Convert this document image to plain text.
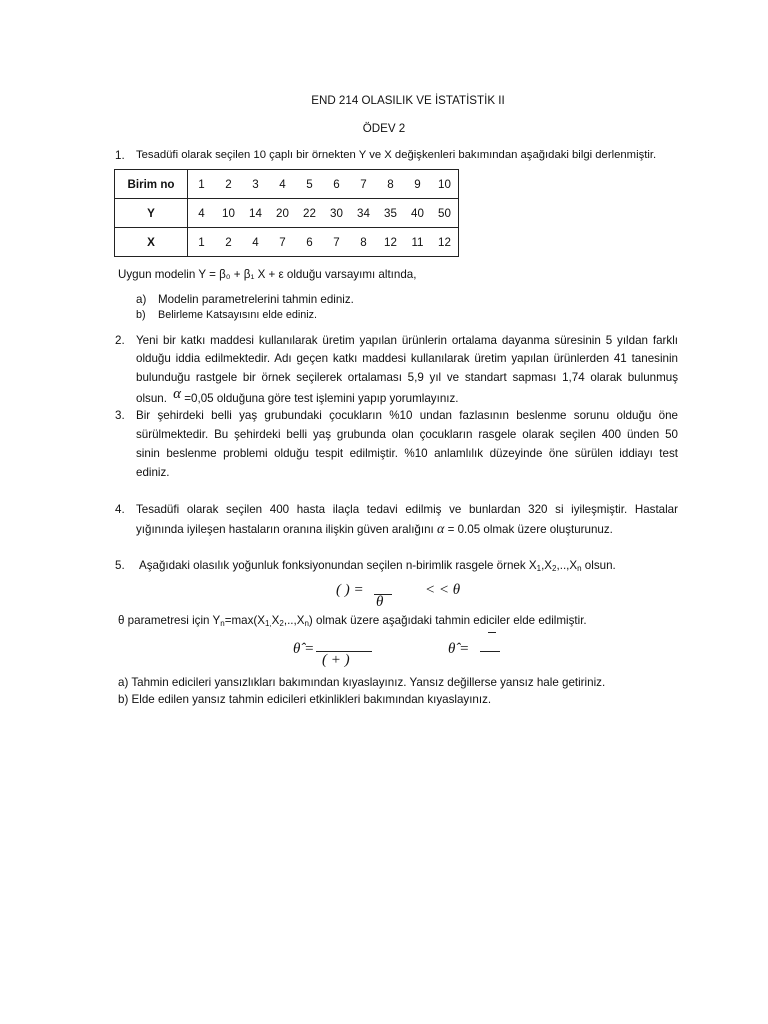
END 214 OLASILIK VE İSTATİSTİK II
ÖDEV 2
1. Tesadüfi olarak seçilen 10 çaplı bir örnekten Y ve X değişkenleri bakımından aşağıdaki bilgi derlenmiştir.
Birim no	1	2	3	4	5	6	7	8	9	10
Y	4	10	14	20	22	30	34	35	40	50
X	1	2	4	7	6	7	8	12	11	12
Uygun modelin Y = β₀ + β₁ X + ε olduğu varsayımı altında,
a) Modelin parametrelerini tahmin ediniz.
b) Belirleme Katsayısını elde ediniz.
2. Yeni bir katkı maddesi kullanılarak üretim yapılan ürünlerin ortalama dayanma süresinin 5 yıldan farklı
olduğu iddia edilmektedir. Adı geçen katkı maddesi kullanılarak üretim yapılan ürünlerden 41 tanesinin
bulunduğu rastgele bir örnek seçilerek ortalaması 5,9 yıl ve standart sapması 1,74 olarak bulunmuş
olsun. α =0,05 olduğuna göre test işlemini yapıp yorumlayınız.
3. Bir şehirdeki belli yaş grubundaki çocukların %10 undan fazlasının beslenme sorunu olduğu öne
sürülmektedir. Bu şehirdeki belli yaş grubunda olan çocukların rasgele olarak seçilen 400 ünden 50
sinin beslenme problemi olduğu tespit edilmiştir. %10 anlamlılık düzeyinde öne sürülen iddiayı test
ediniz.
4. Tesadüfi olarak seçilen 400 hasta ilaçla tedavi edilmiş ve bunlardan 320 si iyileşmiştir. Hastalar
yığınında iyileşen hastaların oranına ilişkin güven aralığını α = 0.05 olmak üzere oluşturunuz.
5. Aşağıdaki olasılık yoğunluk fonksiyonundan seçilen n-birimlik rasgele örnek $X_1,X_2,..,X_n$ olsun.
( ) =
θ
< < θ
θ parametresi için $Y_n=\max(X_{1,}X_2,..,X_n)$ olmak üzere aşağıdaki tahmin ediciler elde edilmiştir.
θ̂ =
( + )
θ̂ =
a) Tahmin edicileri yansızlıkları bakımından kıyaslayınız. Yansız değillerse yansız hale getiriniz.
b) Elde edilen yansız tahmin edicileri etkinlikleri bakımından kıyaslayınız.
